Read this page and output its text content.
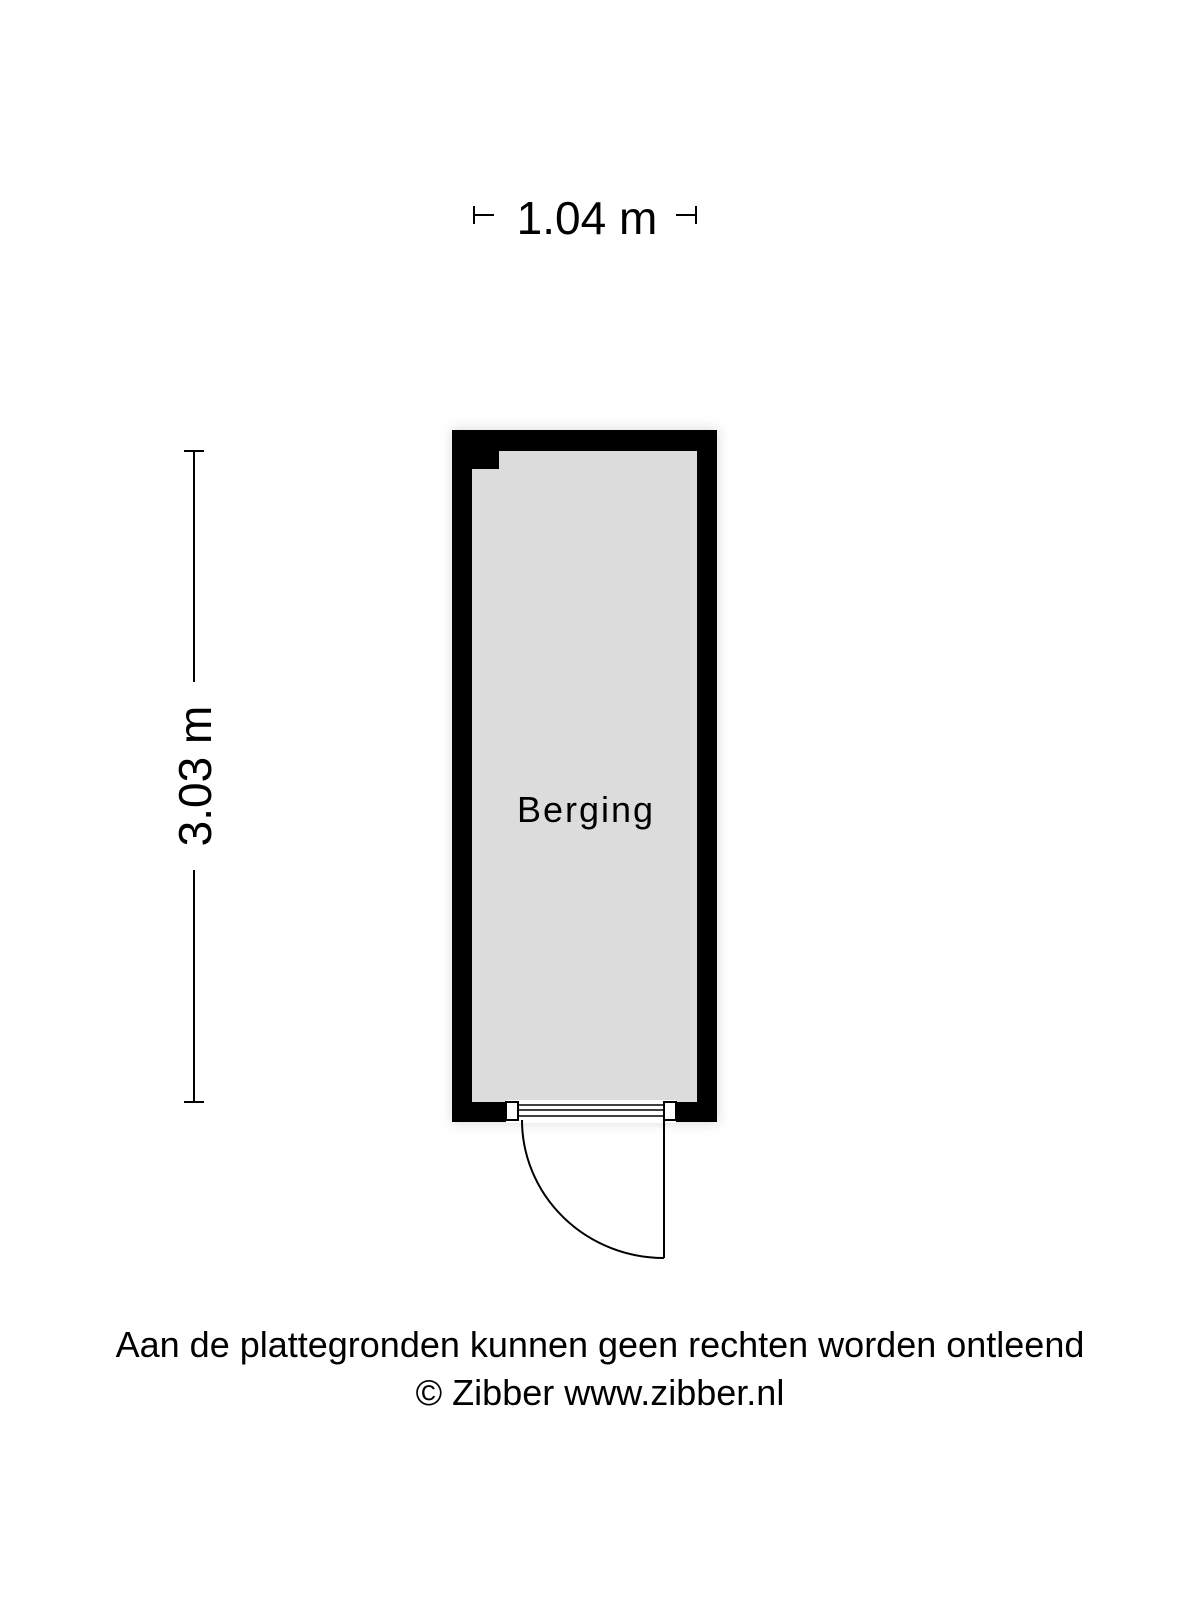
1.04 m
3.03 m	Berging
Aan de plattegronden kunnen geen rechten worden ontleend
© Zibber www.zibber.nl
